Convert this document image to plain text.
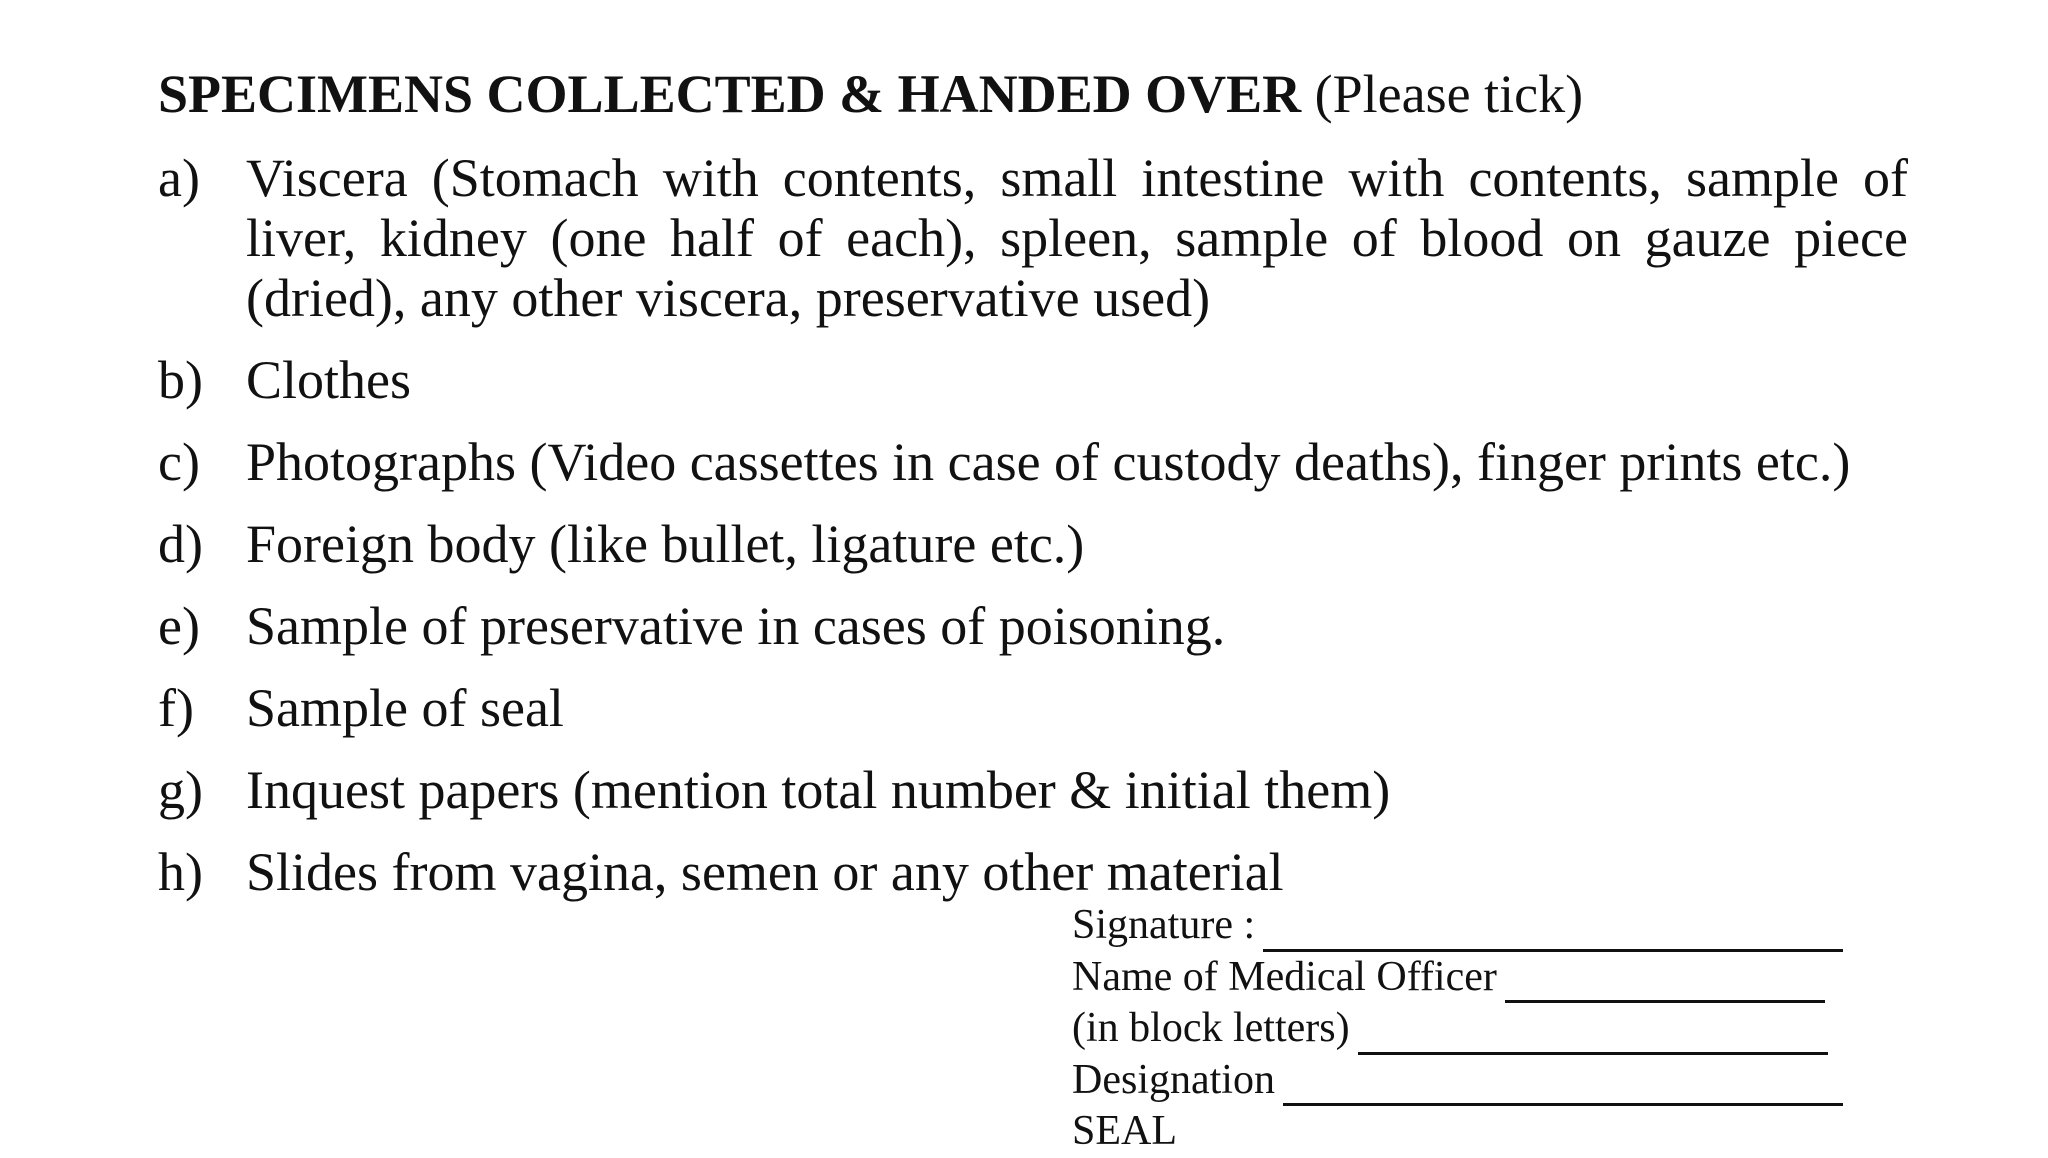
SPECIMENS COLLECTED & HANDED OVER (Please tick)
a) Viscera (Stomach with contents, small intestine with contents, sample of liver, kidney (one half of each), spleen, sample of blood on gauze piece (dried), any other viscera, preservative used)
b) Clothes
c) Photographs (Video cassettes in case of custody deaths), finger prints etc.)
d) Foreign body (like bullet, ligature etc.)
e) Sample of preservative in cases of poisoning.
f) Sample of seal
g) Inquest papers (mention total number & initial them)
h) Slides from vagina, semen or any other material
Signature :
Name of Medical Officer
(in block letters)
Designation
SEAL
